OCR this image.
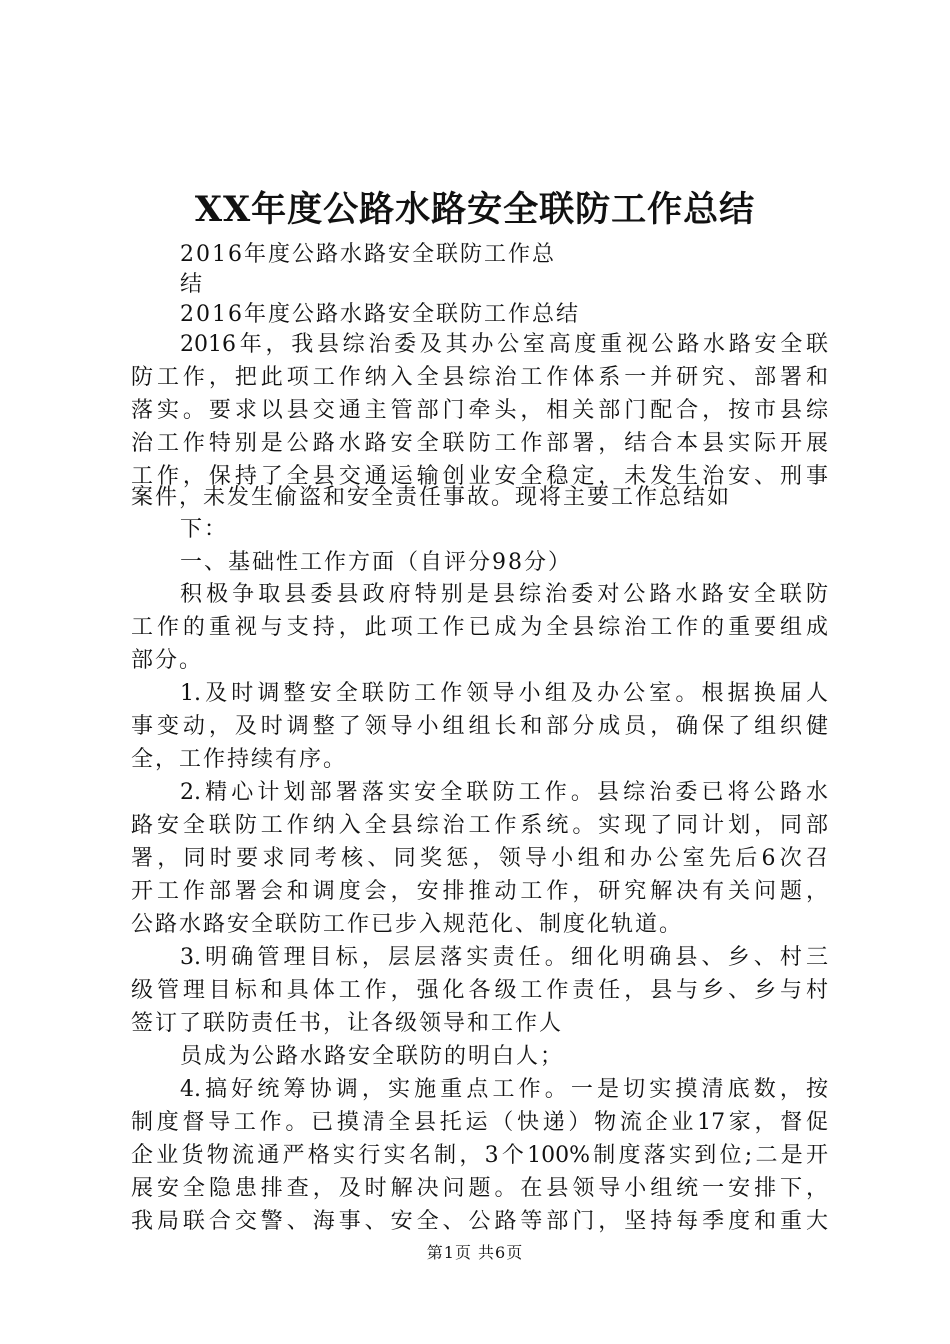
XX年度公路水路安全联防工作总结
2016年度公路水路安全联防工作总
结
2016年度公路水路安全联防工作总结
2016年，我县综治委及其办公室高度重视公路水路安全联
防工作，把此项工作纳入全县综治工作体系一并研究、部署和
落实。要求以县交通主管部门牵头，相关部门配合，按市县综
治工作特别是公路水路安全联防工作部署，结合本县实际开展
工作，保持了全县交通运输创业安全稳定，未发生治安、刑事
案件，未发生偷盗和安全责任事故。现将主要工作总结如
下：
一、基础性工作方面（自评分98分）
积极争取县委县政府特别是县综治委对公路水路安全联防
工作的重视与支持，此项工作已成为全县综治工作的重要组成
部分。
1.及时调整安全联防工作领导小组及办公室。根据换届人
事变动，及时调整了领导小组组长和部分成员，确保了组织健
全，工作持续有序。
2.精心计划部署落实安全联防工作。县综治委已将公路水
路安全联防工作纳入全县综治工作系统。实现了同计划，同部
署，同时要求同考核、同奖惩，领导小组和办公室先后6次召
开工作部署会和调度会，安排推动工作，研究解决有关问题，
公路水路安全联防工作已步入规范化、制度化轨道。
3.明确管理目标，层层落实责任。细化明确县、乡、村三
级管理目标和具体工作，强化各级工作责任，县与乡、乡与村
签订了联防责任书，让各级领导和工作人
员成为公路水路安全联防的明白人；
4.搞好统筹协调，实施重点工作。一是切实摸清底数，按
制度督导工作。已摸清全县托运（快递）物流企业17家，督促
企业货物流通严格实行实名制，3个100%制度落实到位;二是开
展安全隐患排查，及时解决问题。在县领导小组统一安排下，
我局联合交警、海事、安全、公路等部门，坚持每季度和重大
第1页 共6页
